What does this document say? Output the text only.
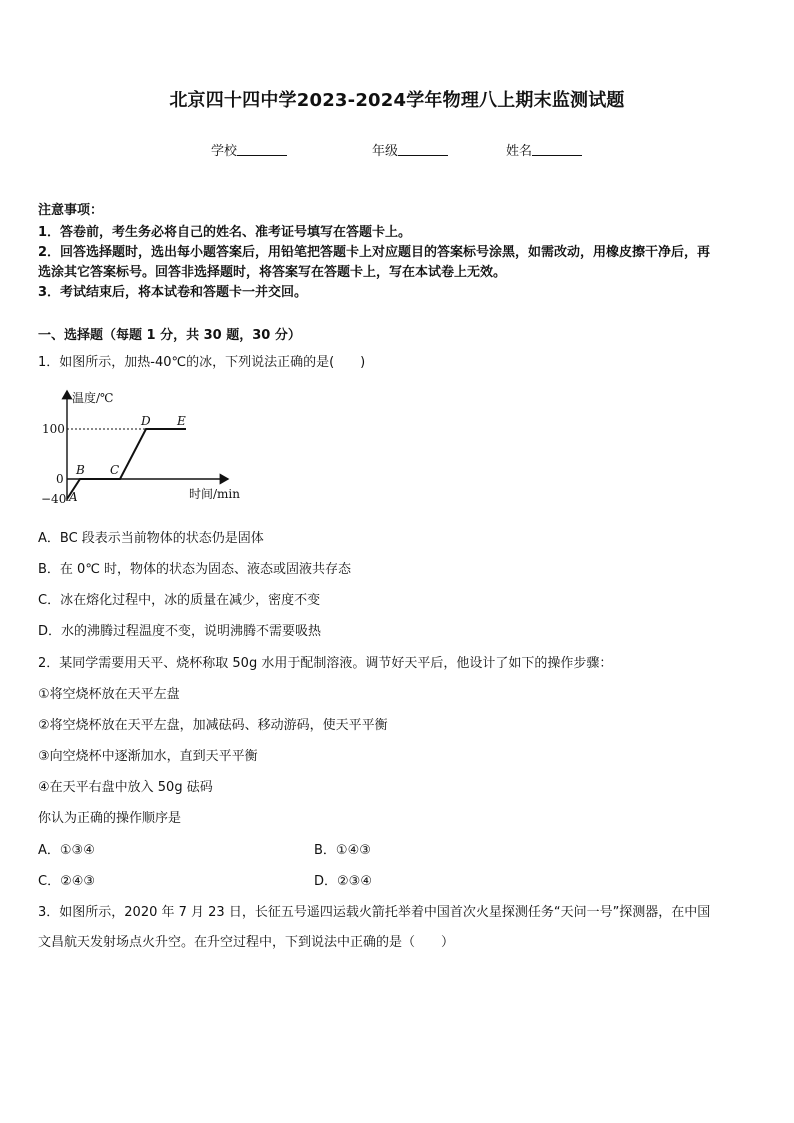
北京四十四中学2023-2024学年物理八上期末监测试题
学校	年级	姓名

注意事项：

1．答卷前，考生务必将自己的姓名、准考证号填写在答题卡上。

2．回答选择题时，选出每小题答案后，用铅笔把答题卡上对应题目的答案标号涂黑，如需改动，用橡皮擦干净后，再

选涂其它答案标号。回答非选择题时，将答案写在答题卡上，写在本试卷上无效。

3．考试结束后，将本试卷和答题卡一并交回。

一、选择题（每题 1 分，共 30 题，30 分）
1．如图所示，加热-40℃的冰，下列说法正确的是(　　)
温度/℃
时间/min
100
0
−40 A
B C
D E
A．BC 段表示当前物体的状态仍是固体
B．在 0℃ 时，物体的状态为固态、液态或固液共存态
C．冰在熔化过程中，冰的质量在减少，密度不变
D．水的沸腾过程温度不变，说明沸腾不需要吸热
2．某同学需要用天平、烧杯称取 50g 水用于配制溶液。调节好天平后，他设计了如下的操作步骤：
①将空烧杯放在天平左盘
②将空烧杯放在天平左盘，加减砝码、移动游码，使天平平衡
③向空烧杯中逐渐加水，直到天平平衡
④在天平右盘中放入 50g 砝码
你认为正确的操作顺序是
A．①③④	B．①④③
C．②④③	D．②③④
3．如图所示，2020 年 7 月 23 日，长征五号遥四运载火箭托举着中国首次火星探测任务“天问一号”探测器，在中国
文昌航天发射场点火升空。在升空过程中，下到说法中正确的是（　　）
